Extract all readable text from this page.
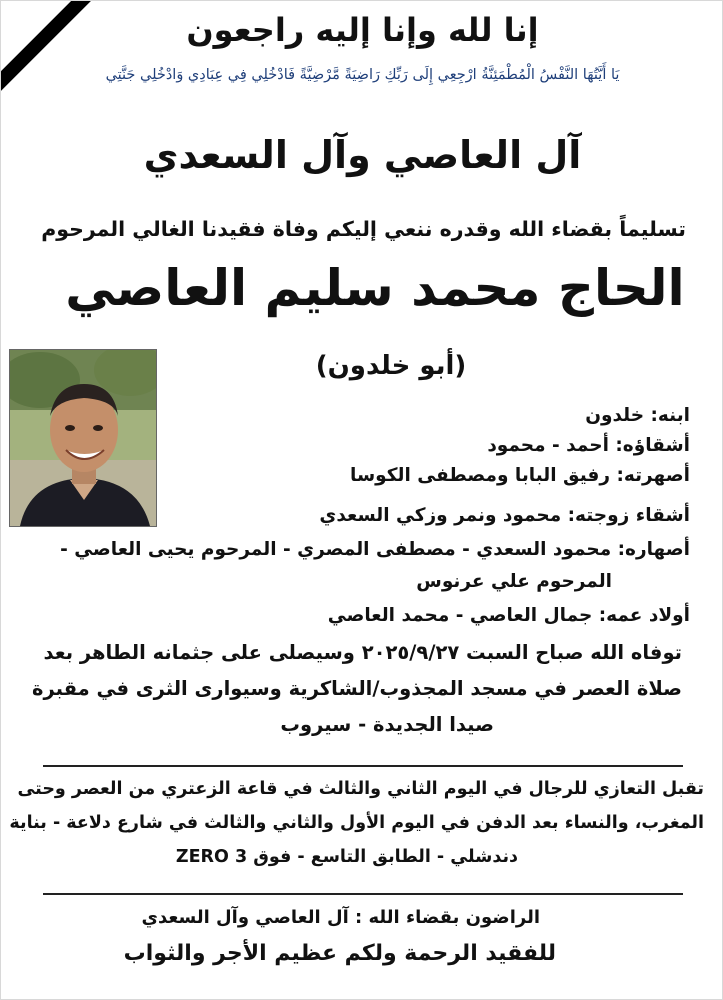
إنا لله وإنا إليه راجعون
يَا أَيَّتُهَا النَّفْسُ الْمُطْمَئِنَّةُ ارْجِعِي إِلَى رَبِّكِ رَاضِيَةً مَّرْضِيَّةً فَادْخُلِي فِي عِبَادِي وَادْخُلِي جَنَّتِي
آل العاصي وآل السعدي
تسليماً بقضاء الله وقدره ننعي إليكم وفاة فقيدنا الغالي المرحوم
الحاج محمد سليم العاصي
(أبو خلدون)
ابنه: خلدون
أشقاؤه: أحمد - محمود
أصهرته: رفيق البابا ومصطفى الكوسا
أشقاء زوجته: محمود ونمر وزكي السعدي
أصهاره: محمود السعدي - مصطفى المصري - المرحوم يحيى العاصي -
المرحوم علي عرنوس
أولاد عمه: جمال العاصي - محمد العاصي
توفاه الله صباح السبت ٢٠٢٥/٩/٢٧ وسيصلى على جثمانه الطاهر بعد
صلاة العصر في مسجد المجذوب/الشاكرية وسيوارى الثرى في مقبرة
صيدا الجديدة - سيروب
تقبل التعازي للرجال في اليوم الثاني والثالث في قاعة الزعتري من العصر وحتى
المغرب، والنساء بعد الدفن في اليوم الأول والثاني والثالث في شارع دلاعة - بناية
دندشلي - الطابق التاسع - فوق ZERO 3
الراضون بقضاء الله : آل العاصي وآل السعدي
للفقيد الرحمة ولكم عظيم الأجر والثواب
